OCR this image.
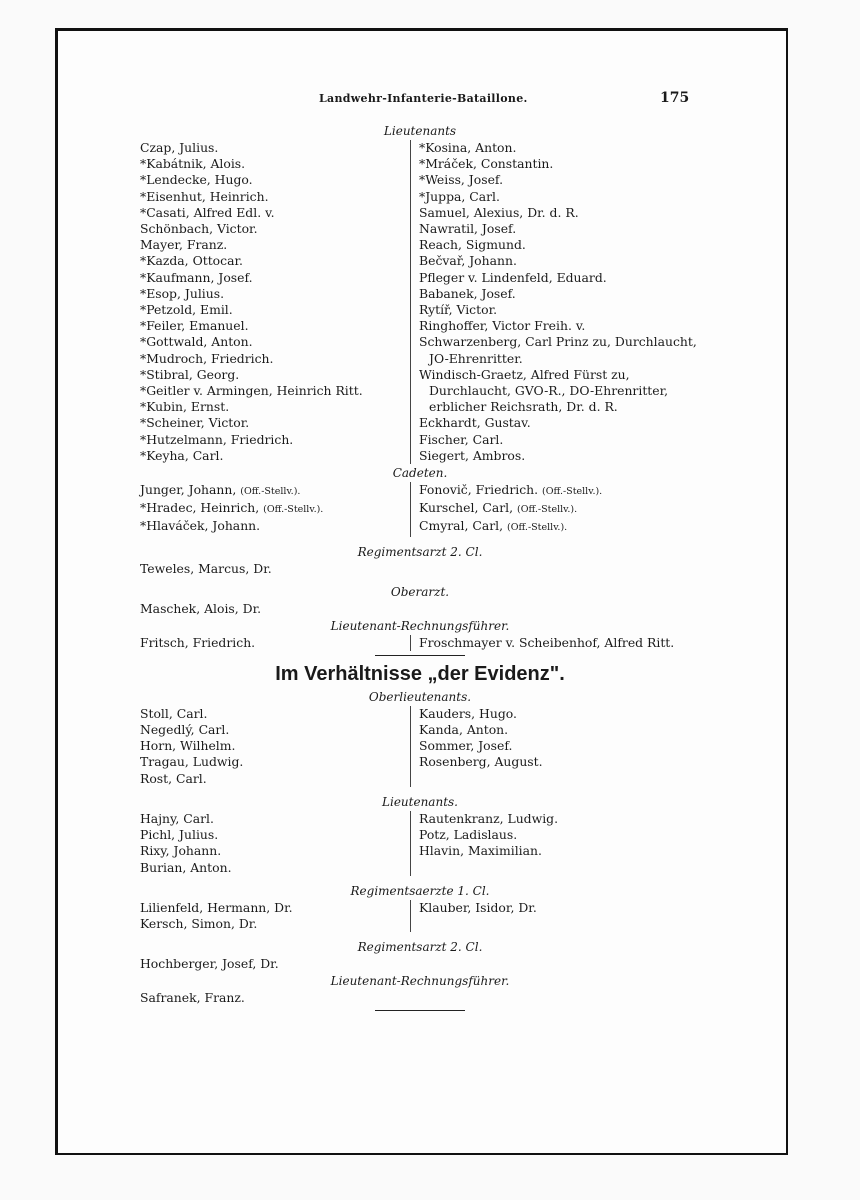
Landwehr-Infanterie-Bataillone.	175
Lieutenants
Czap, Julius.
*Kabátnik, Alois.
*Lendecke, Hugo.
*Eisenhut, Heinrich.
*Casati, Alfred Edl. v.
Schönbach, Victor.
Mayer, Franz.
*Kazda, Ottocar.
*Kaufmann, Josef.
*Esop, Julius.
*Petzold, Emil.
*Feiler, Emanuel.
*Gottwald, Anton.
*Mudroch, Friedrich.
*Stibral, Georg.
*Geitler v. Armingen, Heinrich Ritt.
*Kubin, Ernst.
*Scheiner, Victor.
*Hutzelmann, Friedrich.
*Keyha, Carl.
*Kosina, Anton.
*Mráček, Constantin.
*Weiss, Josef.
*Juppa, Carl.
Samuel, Alexius, Dr. d. R.
Nawratil, Josef.
Reach, Sigmund.
Bečvař, Johann.
Pfleger v. Lindenfeld, Eduard.
Babanek, Josef.
Rytíř, Victor.
Ringhoffer, Victor Freih. v.
Schwarzenberg, Carl Prinz zu, Durchlaucht, JO-Ehrenritter.
Windisch-Graetz, Alfred Fürst zu, Durchlaucht, GVO-R., DO-Ehrenritter, erblicher Reichsrath, Dr. d. R.
Eckhardt, Gustav.
Fischer, Carl.
Siegert, Ambros.
Cadeten.
Junger, Johann, (Off.-Stellv.).
*Hradec, Heinrich, (Off.-Stellv.).
*Hlaváček, Johann.
Fonovič, Friedrich. (Off.-Stellv.).
Kurschel, Carl, (Off.-Stellv.).
Cmyral, Carl, (Off.-Stellv.).
Regimentsarzt 2. Cl.
Teweles, Marcus, Dr.
Oberarzt.
Maschek, Alois, Dr.
Lieutenant-Rechnungsführer.
Fritsch, Friedrich.	Froschmayer v. Scheibenhof, Alfred Ritt.
Im Verhältnisse „der Evidenz".
Oberlieutenants.
Stoll, Carl.
Negedlý, Carl.
Horn, Wilhelm.
Tragau, Ludwig.
Rost, Carl.
Kauders, Hugo.
Kanda, Anton.
Sommer, Josef.
Rosenberg, August.
Lieutenants.
Hajny, Carl.
Pichl, Julius.
Rixy, Johann.
Burian, Anton.
Rautenkranz, Ludwig.
Potz, Ladislaus.
Hlavin, Maximilian.
Regimentsaerzte 1. Cl.
Lilienfeld, Hermann, Dr.
Kersch, Simon, Dr.
Klauber, Isidor, Dr.
Regimentsarzt 2. Cl.
Hochberger, Josef, Dr.
Lieutenant-Rechnungsführer.
Safranek, Franz.
